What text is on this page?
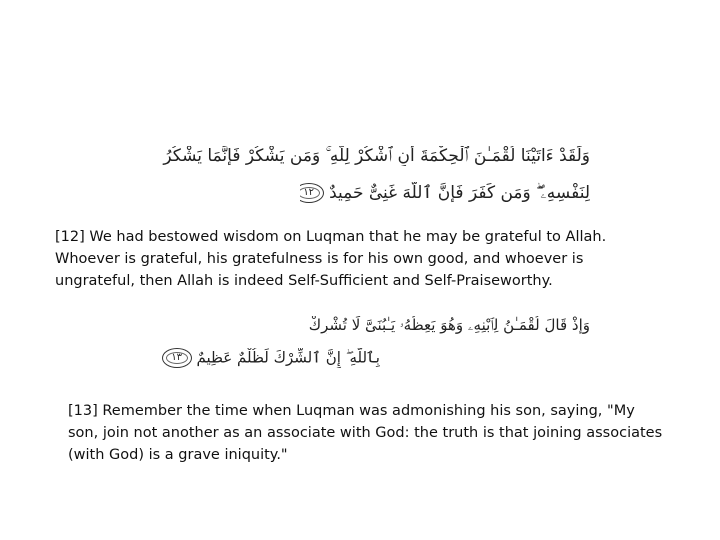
وَلَقَدْ ءَاتَيْنَا لُقْمَـٰنَ ٱلْحِكْمَةَ أَنِ ٱشْكُرْ لِلَّهِ ۚ وَمَن يَشْكُرْ فَإِنَّمَا يَشْكُرُ
لِنَفْسِهِۦ ۖ وَمَن كَفَرَ فَإِنَّ ٱللَّهَ غَنِىٌّ حَمِيدٌ ١٢
[12] We had bestowed wisdom on Luqman that he may be grateful to Allah. Whoever is grateful, his gratefulness is for his own good, and whoever is ungrateful, then Allah is indeed Self-Sufficient and Self-Praiseworthy.
وَإِذْ قَالَ لُقْمَـٰنُ لِٱبْنِهِۦ وَهُوَ يَعِظُهُۥ يَـٰبُنَىَّ لَا تُشْرِكْ
بِٱللَّهِ ۖ إِنَّ ٱلشِّرْكَ لَظُلْمٌ عَظِيمٌ ١٣
[13] Remember the time when Luqman was admonishing his son, saying, "My son, join not another as an associate with God: the truth is that joining associates (with God) is a grave iniquity."
